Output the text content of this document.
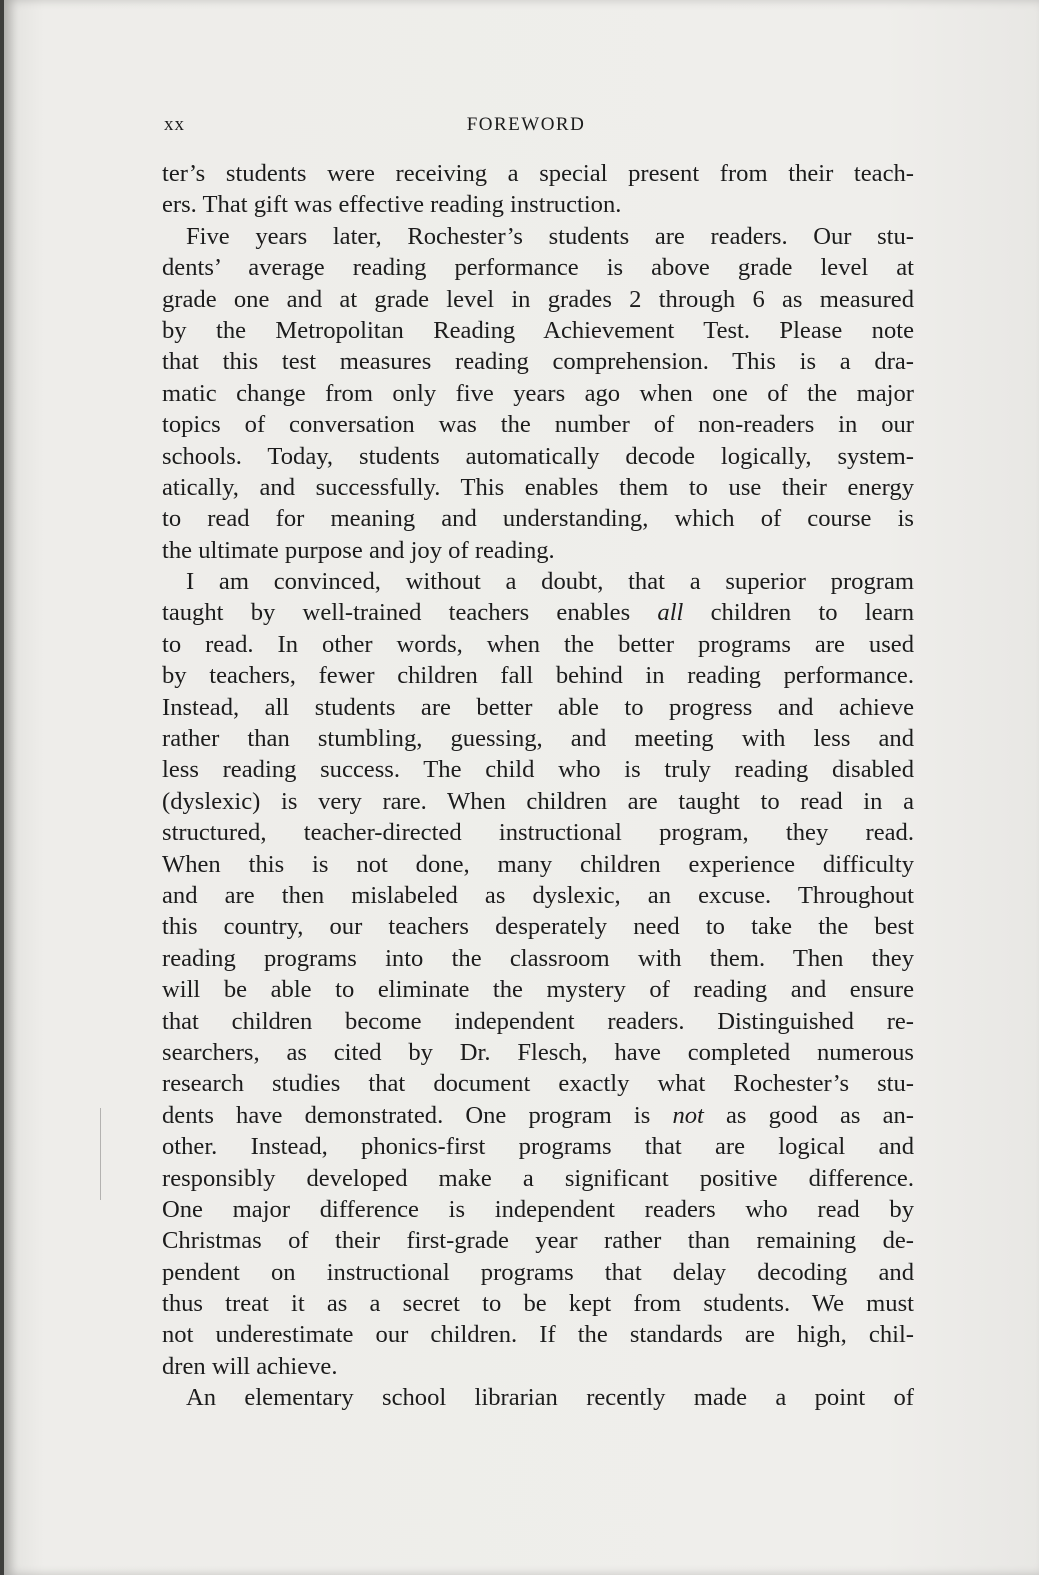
xx	FOREWORD
ter’s students were receiving a special present from their teach-
ers. That gift was effective reading instruction.
Five years later, Rochester’s students are readers. Our stu-
dents’ average reading performance is above grade level at
grade one and at grade level in grades 2 through 6 as measured
by the Metropolitan Reading Achievement Test. Please note
that this test measures reading comprehension. This is a dra-
matic change from only five years ago when one of the major
topics of conversation was the number of non-readers in our
schools. Today, students automatically decode logically, system-
atically, and successfully. This enables them to use their energy
to read for meaning and understanding, which of course is
the ultimate purpose and joy of reading.
I am convinced, without a doubt, that a superior program
taught by well-trained teachers enables all children to learn
to read. In other words, when the better programs are used
by teachers, fewer children fall behind in reading performance.
Instead, all students are better able to progress and achieve
rather than stumbling, guessing, and meeting with less and
less reading success. The child who is truly reading disabled
(dyslexic) is very rare. When children are taught to read in a
structured, teacher-directed instructional program, they read.
When this is not done, many children experience difficulty
and are then mislabeled as dyslexic, an excuse. Throughout
this country, our teachers desperately need to take the best
reading programs into the classroom with them. Then they
will be able to eliminate the mystery of reading and ensure
that children become independent readers. Distinguished re-
searchers, as cited by Dr. Flesch, have completed numerous
research studies that document exactly what Rochester’s stu-
dents have demonstrated. One program is not as good as an-
other. Instead, phonics-first programs that are logical and
responsibly developed make a significant positive difference.
One major difference is independent readers who read by
Christmas of their first-grade year rather than remaining de-
pendent on instructional programs that delay decoding and
thus treat it as a secret to be kept from students. We must
not underestimate our children. If the standards are high, chil-
dren will achieve.
An elementary school librarian recently made a point of
